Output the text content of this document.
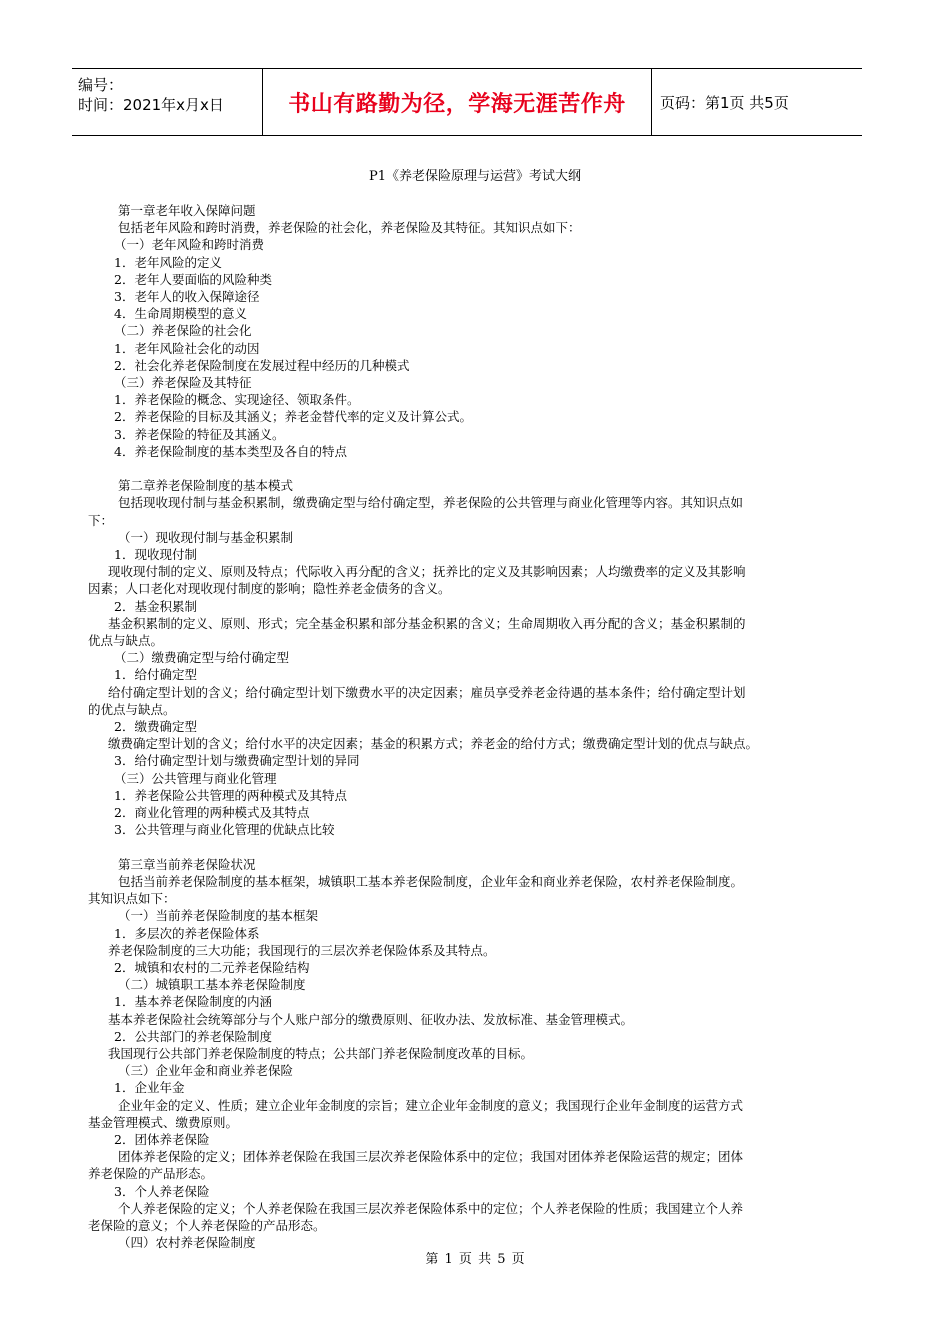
编号：
时间：2021年x月x日	书山有路勤为径，学海无涯苦作舟	页码：第1页 共5页
P1《养老保险原理与运营》考试大纲
第一章老年收入保障问题
包括老年风险和跨时消费，养老保险的社会化，养老保险及其特征。其知识点如下：
（一）老年风险和跨时消费
1．老年风险的定义
2．老年人要面临的风险种类
3．老年人的收入保障途径
4．生命周期模型的意义
（二）养老保险的社会化
1．老年风险社会化的动因
2．社会化养老保险制度在发展过程中经历的几种模式
（三）养老保险及其特征
1．养老保险的概念、实现途径、领取条件。
2．养老保险的目标及其涵义；养老金替代率的定义及计算公式。
3．养老保险的特征及其涵义。
4．养老保险制度的基本类型及各自的特点
第二章养老保险制度的基本模式
包括现收现付制与基金积累制，缴费确定型与给付确定型，养老保险的公共管理与商业化管理等内容。其知识点如
下：
（一）现收现付制与基金积累制
1．现收现付制
现收现付制的定义、原则及特点；代际收入再分配的含义；抚养比的定义及其影响因素；人均缴费率的定义及其影响
因素；人口老化对现收现付制度的影响；隐性养老金债务的含义。
2．基金积累制
基金积累制的定义、原则、形式；完全基金积累和部分基金积累的含义；生命周期收入再分配的含义；基金积累制的
优点与缺点。
（二）缴费确定型与给付确定型
1．给付确定型
给付确定型计划的含义；给付确定型计划下缴费水平的决定因素；雇员享受养老金待遇的基本条件；给付确定型计划
的优点与缺点。
2．缴费确定型
缴费确定型计划的含义；给付水平的决定因素；基金的积累方式；养老金的给付方式；缴费确定型计划的优点与缺点。
3．给付确定型计划与缴费确定型计划的异同
（三）公共管理与商业化管理
1．养老保险公共管理的两种模式及其特点
2．商业化管理的两种模式及其特点
3．公共管理与商业化管理的优缺点比较
第三章当前养老保险状况
包括当前养老保险制度的基本框架，城镇职工基本养老保险制度，企业年金和商业养老保险，农村养老保险制度。
其知识点如下：
（一）当前养老保险制度的基本框架
1．多层次的养老保险体系
养老保险制度的三大功能；我国现行的三层次养老保险体系及其特点。
2．城镇和农村的二元养老保险结构
（二）城镇职工基本养老保险制度
1．基本养老保险制度的内涵
基本养老保险社会统筹部分与个人账户部分的缴费原则、征收办法、发放标准、基金管理模式。
2．公共部门的养老保险制度
我国现行公共部门养老保险制度的特点；公共部门养老保险制度改革的目标。
（三）企业年金和商业养老保险
1．企业年金
企业年金的定义、性质；建立企业年金制度的宗旨；建立企业年金制度的意义；我国现行企业年金制度的运营方式
基金管理模式、缴费原则。
2．团体养老保险
团体养老保险的定义；团体养老保险在我国三层次养老保险体系中的定位；我国对团体养老保险运营的规定；团体
养老保险的产品形态。
3．个人养老保险
个人养老保险的定义；个人养老保险在我国三层次养老保险体系中的定位；个人养老保险的性质；我国建立个人养
老保险的意义；个人养老保险的产品形态。
（四）农村养老保险制度
第 1 页 共 5 页
